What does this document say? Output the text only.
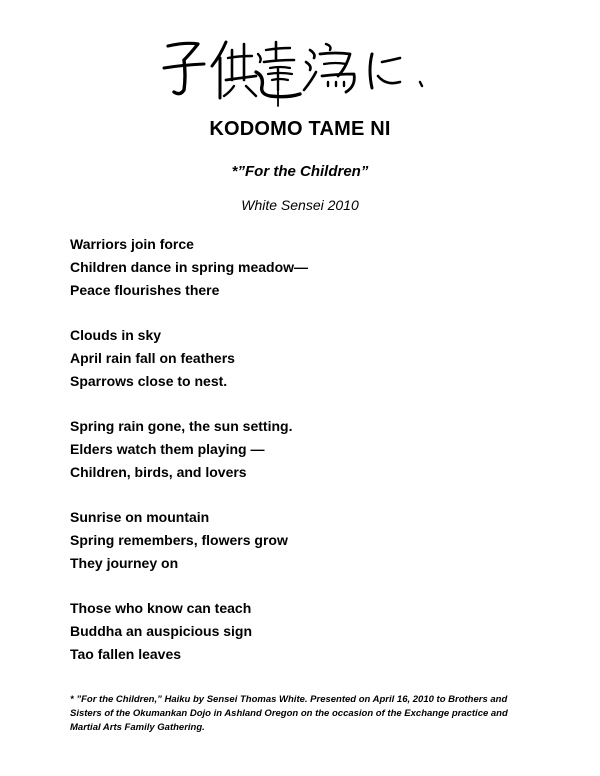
KODOMO TAME NI
*”For the Children”
White Sensei 2010
Warriors join force
Children dance in spring meadow—
Peace flourishes there
Clouds in sky
April rain fall on feathers
Sparrows close to nest.
Spring rain gone, the sun setting.
Elders watch them playing —
Children, birds, and lovers
Sunrise on mountain
Spring remembers, flowers grow
They journey on
Those who know can teach
Buddha an auspicious sign
Tao fallen leaves
* ”For the Children,” Haiku by Sensei Thomas White. Presented on April 16, 2010 to Brothers and Sisters of the Okumankan Dojo in Ashland Oregon on the occasion of the Exchange practice and Martial Arts Family Gathering.
